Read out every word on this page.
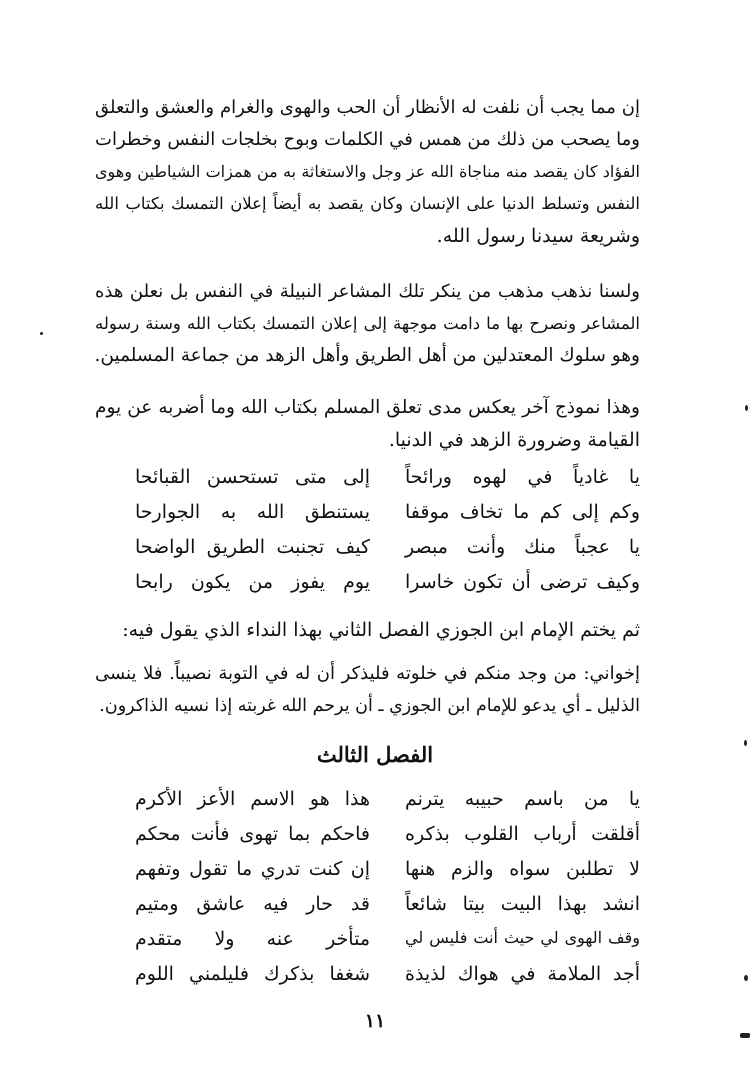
إن مما يجب أن نلفت له الأنظار أن الحب والهوى والغرام والعشق والتعلق
وما يصحب من ذلك من همس في الكلمات وبوح بخلجات النفس وخطرات
الفؤاد كان يقصد منه مناجاة الله عز وجل والاستغاثة به من همزات الشياطين وهوى
النفس وتسلط الدنيا على الإنسان وكان يقصد به أيضاً إعلان التمسك بكتاب الله
وشريعة سيدنا رسول الله.
ولسنا نذهب مذهب من ينكر تلك المشاعر النبيلة في النفس بل نعلن هذه
المشاعر ونصرح بها ما دامت موجهة إلى إعلان التمسك بكتاب الله وسنة رسوله
وهو سلوك المعتدلين من أهل الطريق وأهل الزهد من جماعة المسلمين.
وهذا نموذج آخر يعكس مدى تعلق المسلم بكتاب الله وما أضربه عن يوم
القيامة وضرورة الزهد في الدنيا.
يا غادياً في لهوه ورائحاً
إلى متى تستحسن القبائحا
وكم إلى كم ما تخاف موقفا
يستنطق الله به الجوارحا
يا عجباً منك وأنت مبصر
كيف تجنبت الطريق الواضحا
وكيف ترضى أن تكون خاسرا
يوم يفوز من يكون رابحا
ثم يختم الإمام ابن الجوزي الفصل الثاني بهذا النداء الذي يقول فيه:
إخواني: من وجد منكم في خلوته فليذكر أن له في التوبة نصيباً. فلا ينسى
الذليل ـ أي يدعو للإمام ابن الجوزي ـ أن يرحم الله غربته إذا نسيه الذاكرون.
الفصل الثالث
يا من باسم حبيبه يترنم
هذا هو الاسم الأعز الأكرم
أقلقت أرباب القلوب بذكره
فاحكم بما تهوى فأنت محكم
لا تطلبن سواه والزم هنها
إن كنت تدري ما تقول وتفهم
انشد بهذا البيت بيتا شائعاً
قد حار فيه عاشق ومتيم
وقف الهوى لي حيث أنت فليس لي
متأخر عنه ولا متقدم
أجد الملامة في هواك لذيذة
شغفا بذكرك فليلمني اللوم
١١
